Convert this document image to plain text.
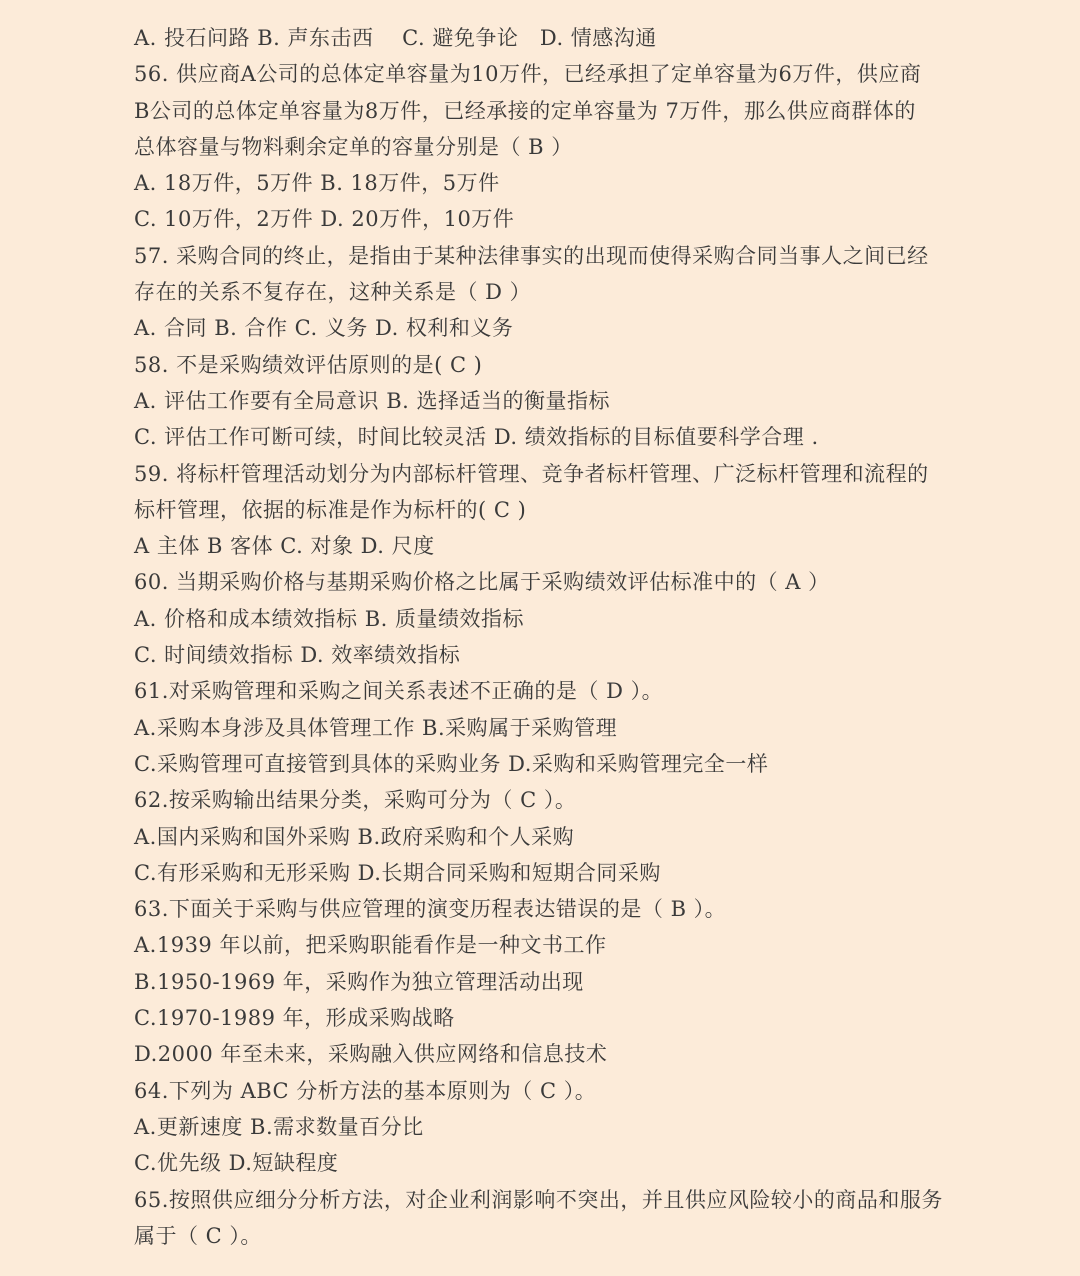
A. 投石问路 B. 声东击西    C. 避免争论   D. 情感沟通
56. 供应商A公司的总体定单容量为10万件，已经承担了定单容量为6万件，供应商
B公司的总体定单容量为8万件，已经承接的定单容量为 7万件，那么供应商群体的
总体容量与物料剩余定单的容量分别是（ B ）
A. 18万件，5万件 B. 18万件，5万件
C. 10万件，2万件 D. 20万件，10万件
57. 采购合同的终止，是指由于某种法律事实的出现而使得采购合同当事人之间已经
存在的关系不复存在，这种关系是（ D ）
A. 合同 B. 合作 C. 义务 D. 权利和义务
58. 不是采购绩效评估原则的是( C )
A. 评估工作要有全局意识 B. 选择适当的衡量指标
C. 评估工作可断可续，时间比较灵活 D. 绩效指标的目标值要科学合理 .
59. 将标杆管理活动划分为内部标杆管理、竞争者标杆管理、广泛标杆管理和流程的
标杆管理，依据的标准是作为标杆的( C )
A 主体 B 客体 C. 对象 D. 尺度
60. 当期采购价格与基期采购价格之比属于采购绩效评估标准中的（ A ）
A. 价格和成本绩效指标 B. 质量绩效指标
C. 时间绩效指标 D. 效率绩效指标
61.对采购管理和采购之间关系表述不正确的是（ D ）。
A.采购本身涉及具体管理工作 B.采购属于采购管理
C.采购管理可直接管到具体的采购业务 D.采购和采购管理完全一样
62.按采购输出结果分类，采购可分为（ C ）。
A.国内采购和国外采购 B.政府采购和个人采购
C.有形采购和无形采购 D.长期合同采购和短期合同采购
63.下面关于采购与供应管理的演变历程表达错误的是（ B ）。
A.1939 年以前，把采购职能看作是一种文书工作
B.1950-1969 年，采购作为独立管理活动出现
C.1970-1989 年，形成采购战略
D.2000 年至未来，采购融入供应网络和信息技术
64.下列为 ABC 分析方法的基本原则为（ C ）。
A.更新速度 B.需求数量百分比
C.优先级 D.短缺程度
65.按照供应细分分析方法，对企业利润影响不突出，并且供应风险较小的商品和服务
属于（ C ）。
